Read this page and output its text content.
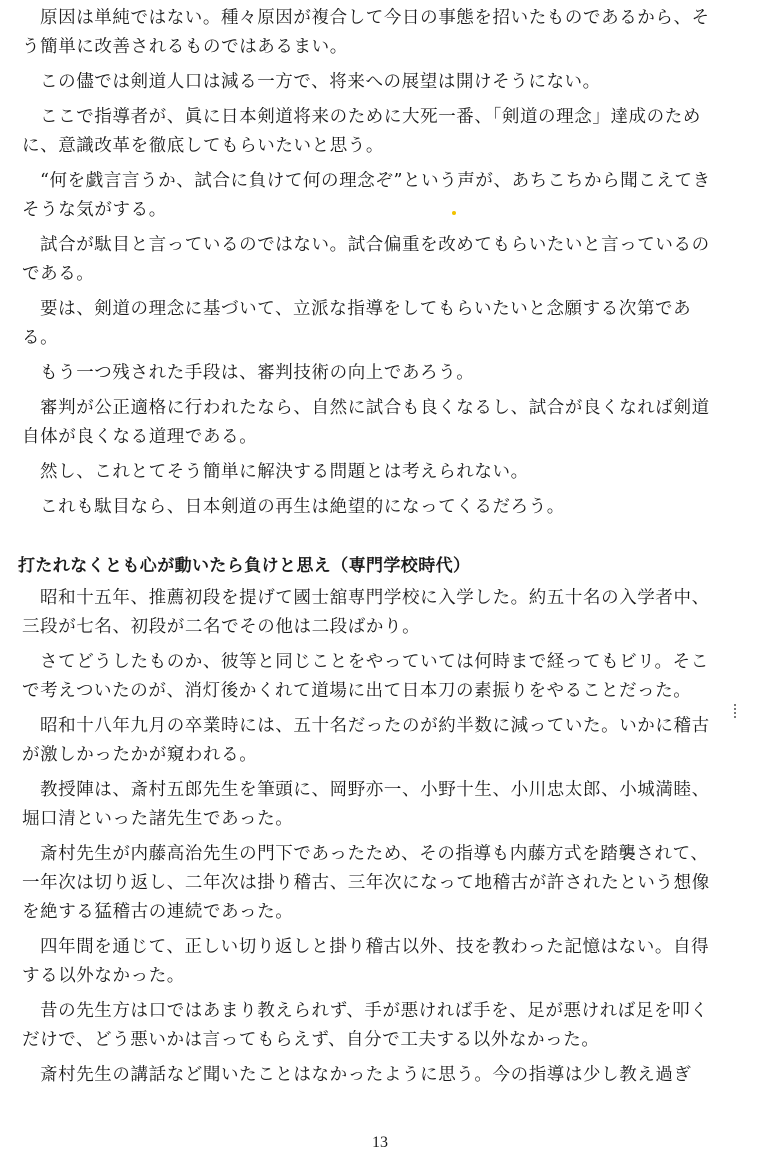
原因は単純ではない。種々原因が複合して今日の事態を招いたものであるから、そう簡単に改善されるものではあるまい。

この儘では剣道人口は減る一方で、将来への展望は開けそうにない。

ここで指導者が、眞に日本剣道将来のために大死一番、「剣道の理念」達成のために、意識改革を徹底してもらいたいと思う。

“何を戯言言うか、試合に負けて何の理念ぞ”という声が、あちこちから聞こえてきそうな気がする。

試合が駄目と言っているのではない。試合偏重を改めてもらいたいと言っているのである。

要は、剣道の理念に基づいて、立派な指導をしてもらいたいと念願する次第である。

もう一つ残された手段は、審判技術の向上であろう。

審判が公正適格に行われたなら、自然に試合も良くなるし、試合が良くなれば剣道自体が良くなる道理である。

然し、これとてそう簡単に解決する問題とは考えられない。

これも駄目なら、日本剣道の再生は絶望的になってくるだろう。

打たれなくとも心が動いたら負けと思え（専門学校時代）

昭和十五年、推薦初段を提げて國士舘専門学校に入学した。約五十名の入学者中、三段が七名、初段が二名でその他は二段ばかり。

さてどうしたものか、彼等と同じことをやっていては何時まで経ってもビリ。そこで考えついたのが、消灯後かくれて道場に出て日本刀の素振りをやることだった。

昭和十八年九月の卒業時には、五十名だったのが約半数に減っていた。いかに稽古が激しかったかが窺われる。

教授陣は、斎村五郎先生を筆頭に、岡野亦一、小野十生、小川忠太郎、小城満睦、堀口清といった諸先生であった。

斎村先生が内藤高治先生の門下であったため、その指導も内藤方式を踏襲されて、一年次は切り返し、二年次は掛り稽古、三年次になって地稽古が許されたという想像を絶する猛稽古の連続であった。

四年間を通じて、正しい切り返しと掛り稽古以外、技を教わった記憶はない。自得する以外なかった。

昔の先生方は口ではあまり教えられず、手が悪ければ手を、足が悪ければ足を叩くだけで、どう悪いかは言ってもらえず、自分で工夫する以外なかった。

斎村先生の講話など聞いたことはなかったように思う。今の指導は少し教え過ぎ

13
